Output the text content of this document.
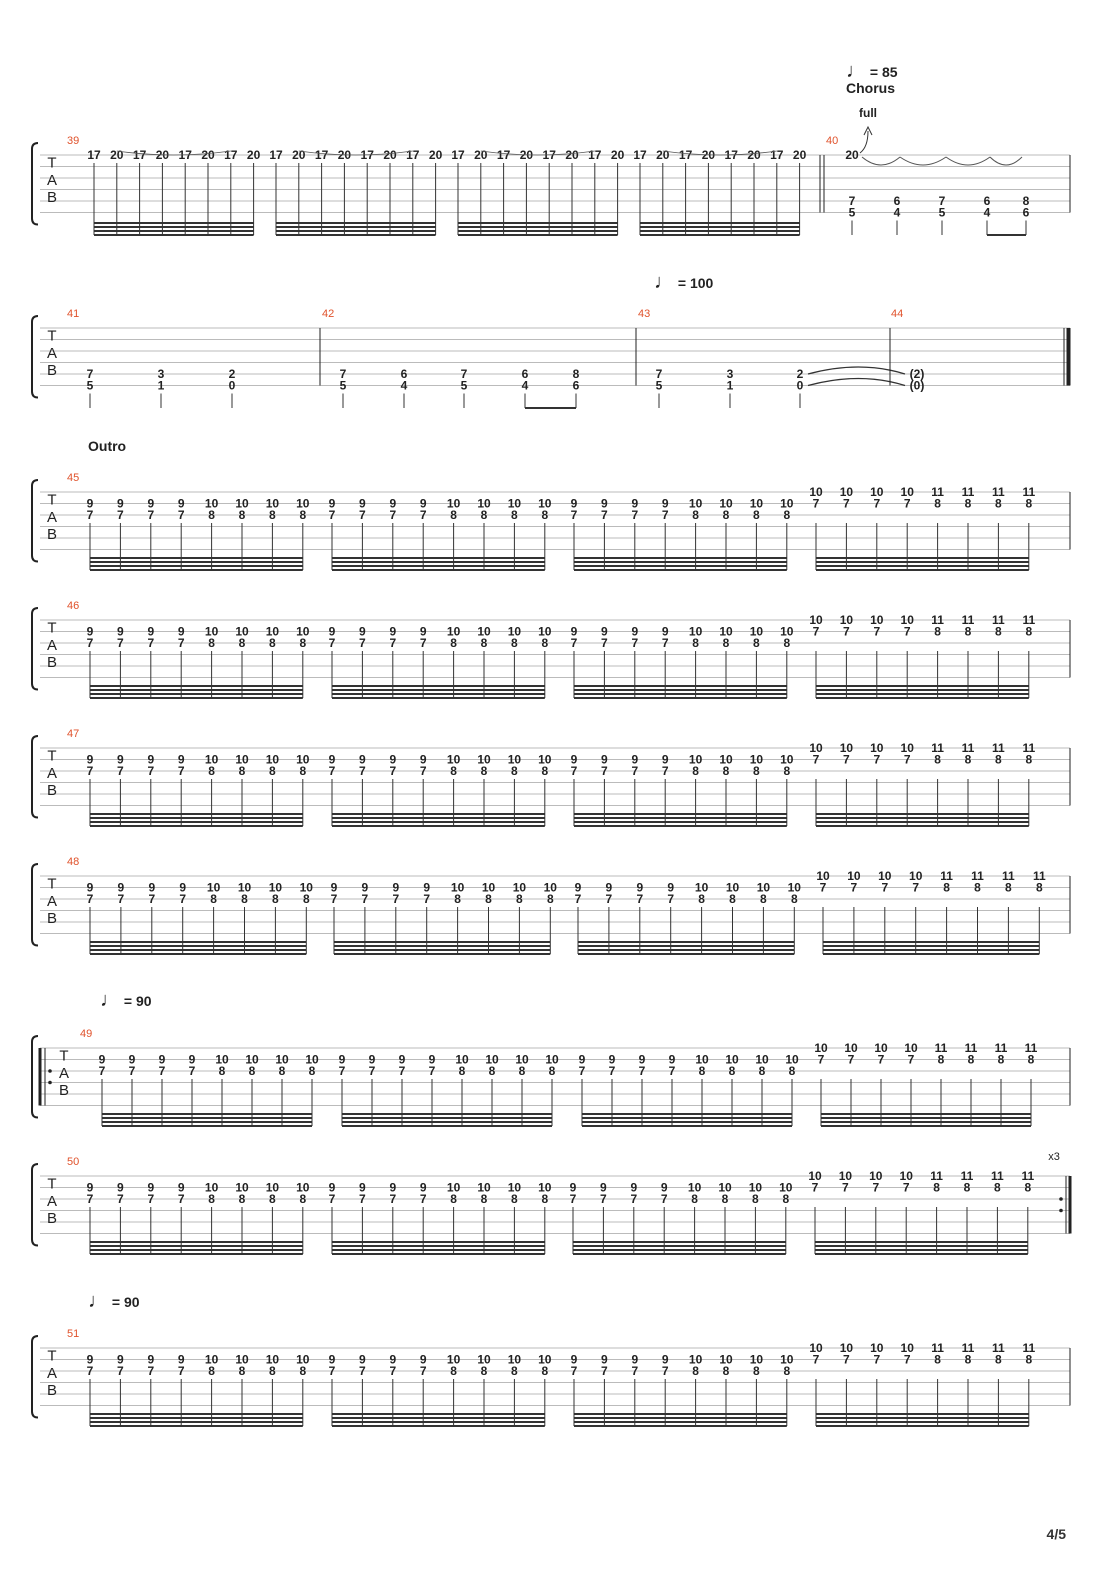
♩ = 85
Chorus
♩ = 100
Outro
♩ = 90
♩ = 90
T
A
B
39
17 20 17 20 17 20 17 20 17 20 17 20 17 20 17 20 17 20 17 20 17 20 17 20 17 20 17 20 17 20 17 20
40
20
full
7
5
6
4
7
5
6
4
8
6
T
A
B
41
7
5
3
1
2
0
42
7
5
6
4
7
5
6
4
8
6
43
7
5
3
1
2
0
44
(2)
(0)
T
A
B
45
9
7
9
7
9
7
9
7
10
8
10
8
10
8
10
8
9
7
9
7
9
7
9
7
10
8
10
8
10
8
10
8
9
7
9
7
9
7
9
7
10
8
10
8
10
8
10
8
10
7
10
7
10
7
10
7
11
8
11
8
11
8
11
8
T
A
B
46
9
7
9
7
9
7
9
7
10
8
10
8
10
8
10
8
9
7
9
7
9
7
9
7
10
8
10
8
10
8
10
8
9
7
9
7
9
7
9
7
10
8
10
8
10
8
10
8
10
7
10
7
10
7
10
7
11
8
11
8
11
8
11
8
T
A
B
47
9
7
9
7
9
7
9
7
10
8
10
8
10
8
10
8
9
7
9
7
9
7
9
7
10
8
10
8
10
8
10
8
9
7
9
7
9
7
9
7
10
8
10
8
10
8
10
8
10
7
10
7
10
7
10
7
11
8
11
8
11
8
11
8
T
A
B
48
9
7
9
7
9
7
9
7
10
8
10
8
10
8
10
8
9
7
9
7
9
7
9
7
10
8
10
8
10
8
10
8
9
7
9
7
9
7
9
7
10
8
10
8
10
8
10
8
10
7
10
7
10
7
10
7
11
8
11
8
11
8
11
8
T
A
B
49
9
7
9
7
9
7
9
7
10
8
10
8
10
8
10
8
9
7
9
7
9
7
9
7
10
8
10
8
10
8
10
8
9
7
9
7
9
7
9
7
10
8
10
8
10
8
10
8
10
7
10
7
10
7
10
7
11
8
11
8
11
8
11
8
T
A
B
50
9
7
9
7
9
7
9
7
10
8
10
8
10
8
10
8
9
7
9
7
9
7
9
7
10
8
10
8
10
8
10
8
9
7
9
7
9
7
9
7
10
8
10
8
10
8
10
8
10
7
10
7
10
7
10
7
11
8
11
8
11
8
11
8
x3
T
A
B
51
9
7
9
7
9
7
9
7
10
8
10
8
10
8
10
8
9
7
9
7
9
7
9
7
10
8
10
8
10
8
10
8
9
7
9
7
9
7
9
7
10
8
10
8
10
8
10
8
10
7
10
7
10
7
10
7
11
8
11
8
11
8
11
8
4/5
